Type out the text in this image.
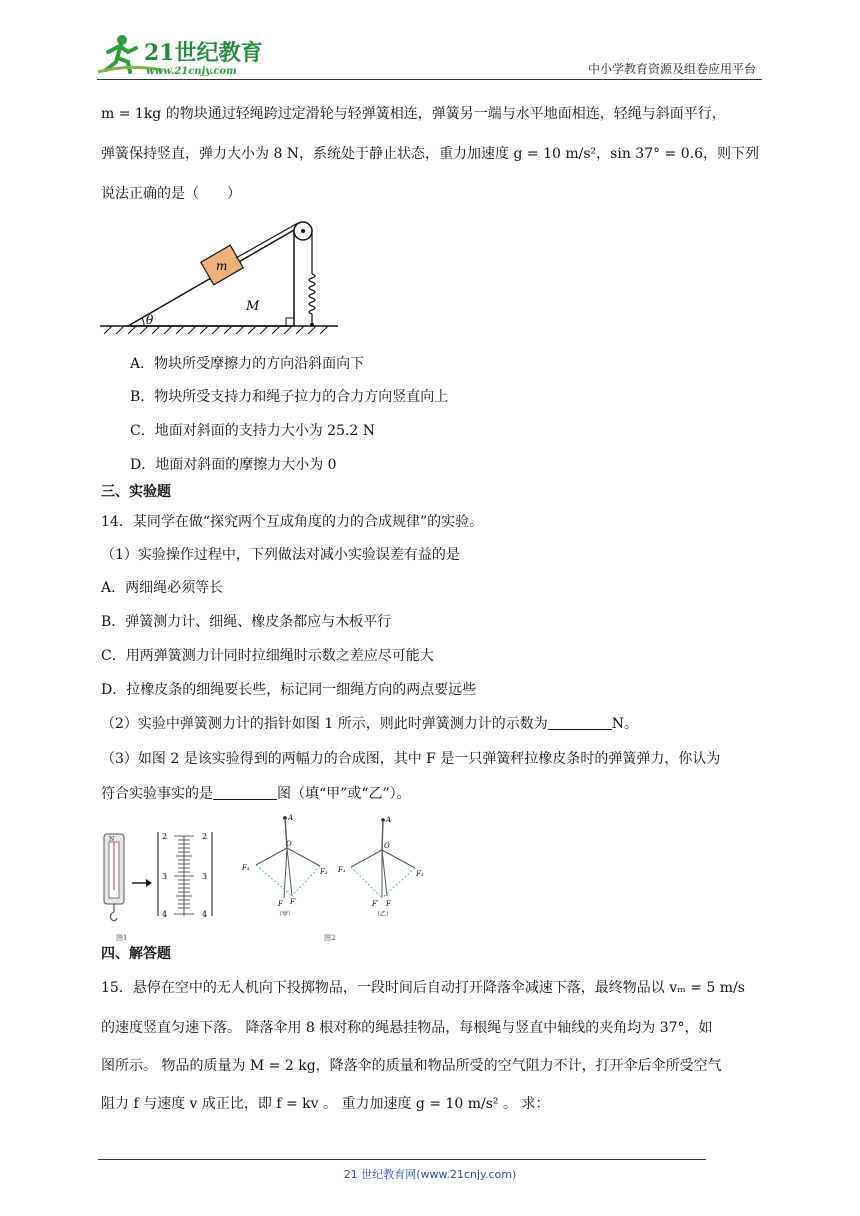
21世纪教育
www.21cnjy.com	中小学教育资源及组卷应用平台
m = 1kg 的物块通过轻绳跨过定滑轮与轻弹簧相连，弹簧另一端与水平地面相连，轻绳与斜面平行，
弹簧保持竖直，弹力大小为 8 N，系统处于静止状态，重力加速度 g = 10 m/s²，sin 37° = 0.6，则下列
说法正确的是（　　）
θ
m
M
A．物块所受摩擦力的方向沿斜面向下
B．物块所受支持力和绳子拉力的合力方向竖直向上
C．地面对斜面的支持力大小为 25.2 N
D．地面对斜面的摩擦力大小为 0
三、实验题
14．某同学在做“探究两个互成角度的力的合成规律”的实验。
（1）实验操作过程中，下列做法对减小实验误差有益的是
A．两细绳必须等长
B．弹簧测力计、细绳、橡皮条都应与木板平行
C．用两弹簧测力计同时拉细绳时示数之差应尽可能大
D．拉橡皮条的细绳要长些，标记同一细绳方向的两点要远些
（2）实验中弹簧测力计的指针如图 1 所示，则此时弹簧测力计的示数为	N。
（3）如图 2 是该实验得到的两幅力的合成图，其中 F 是一只弹簧秤拉橡皮条时的弹簧弹力，你认为
符合实验事实的是	图（填“甲”或“乙”）。
N	2
3
4
2
3
4
图1
A
O
F₁	F₂
F F′
（甲）
A
O
F₁	F₂
F′ F
（乙）
图2
四、解答题
15．悬停在空中的无人机向下投掷物品，一段时间后自动打开降落伞减速下落，最终物品以 vₘ = 5 m/s
的速度竖直匀速下落。 降落伞用 8 根对称的绳悬挂物品，每根绳与竖直中轴线的夹角均为 37°，如
图所示。 物品的质量为 M = 2 kg，降落伞的质量和物品所受的空气阻力不计，打开伞后伞所受空气
阻力 f 与速度 v 成正比，即 f = kv 。 重力加速度 g = 10 m/s² 。 求：
21 世纪教育网(www.21cnjy.com)
